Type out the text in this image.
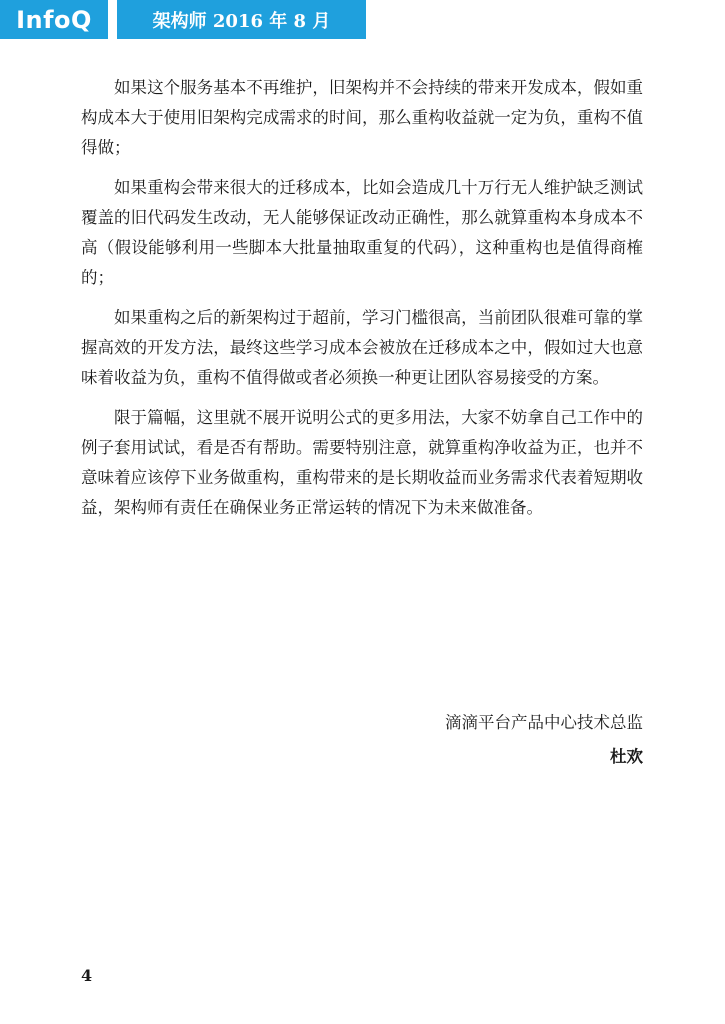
InfoQ	架构师 2016 年 8 月

如果这个服务基本不再维护，旧架构并不会持续的带来开发成本，假如重构成本大于使用旧架构完成需求的时间，那么重构收益就一定为负，重构不值得做；

如果重构会带来很大的迁移成本，比如会造成几十万行无人维护缺乏测试覆盖的旧代码发生改动，无人能够保证改动正确性，那么就算重构本身成本不高（假设能够利用一些脚本大批量抽取重复的代码），这种重构也是值得商榷的；

如果重构之后的新架构过于超前，学习门槛很高，当前团队很难可靠的掌握高效的开发方法，最终这些学习成本会被放在迁移成本之中，假如过大也意味着收益为负，重构不值得做或者必须换一种更让团队容易接受的方案。

限于篇幅，这里就不展开说明公式的更多用法，大家不妨拿自己工作中的例子套用试试，看是否有帮助。需要特别注意，就算重构净收益为正，也并不意味着应该停下业务做重构，重构带来的是长期收益而业务需求代表着短期收益，架构师有责任在确保业务正常运转的情况下为未来做准备。

滴滴平台产品中心技术总监
杜欢
4
